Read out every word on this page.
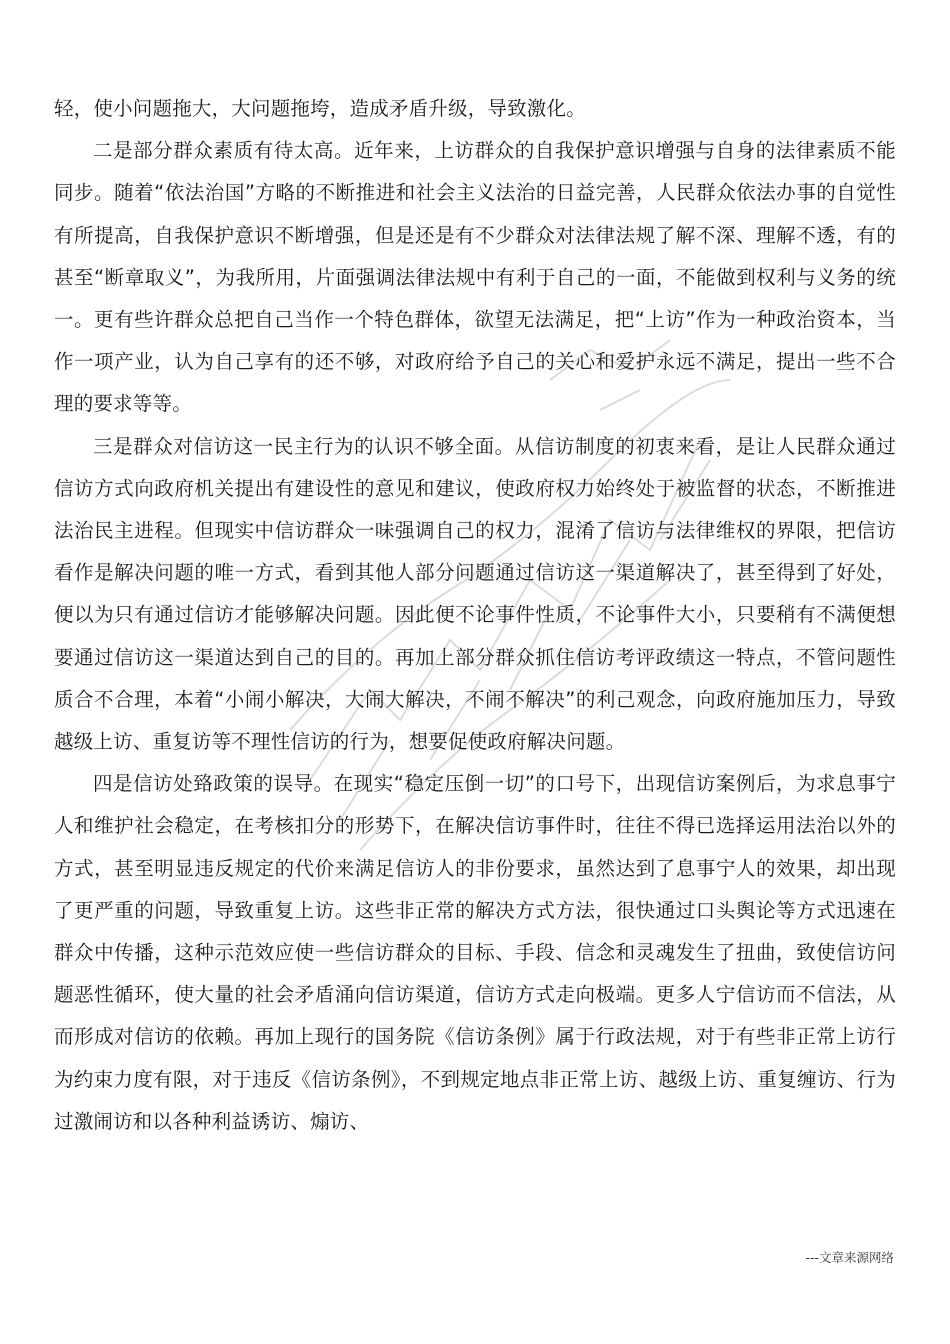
轻，使小问题拖大，大问题拖垮，造成矛盾升级，导致激化。

二是部分群众素质有待太高。近年来，上访群众的自我保护意识增强与自身的法律素质不能同步。随着“依法治国”方略的不断推进和社会主义法治的日益完善，人民群众依法办事的自觉性有所提高，自我保护意识不断增强，但是还是有不少群众对法律法规了解不深、理解不透，有的甚至“断章取义”，为我所用，片面强调法律法规中有利于自己的一面，不能做到权利与义务的统一。更有些许群众总把自己当作一个特色群体，欲望无法满足，把“上访”作为一种政治资本，当作一项产业，认为自己享有的还不够，对政府给予自己的关心和爱护永远不满足，提出一些不合理的要求等等。

三是群众对信访这一民主行为的认识不够全面。从信访制度的初衷来看，是让人民群众通过信访方式向政府机关提出有建设性的意见和建议，使政府权力始终处于被监督的状态，不断推进法治民主进程。但现实中信访群众一味强调自己的权力，混淆了信访与法律维权的界限，把信访看作是解决问题的唯一方式，看到其他人部分问题通过信访这一渠道解决了，甚至得到了好处，便以为只有通过信访才能够解决问题。因此便不论事件性质，不论事件大小，只要稍有不满便想要通过信访这一渠道达到自己的目的。再加上部分群众抓住信访考评政绩这一特点，不管问题性质合不合理，本着“小闹小解决，大闹大解决，不闹不解决”的利己观念，向政府施加压力，导致越级上访、重复访等不理性信访的行为，想要促使政府解决问题。

四是信访处臵政策的误导。在现实“稳定压倒一切”的口号下，出现信访案例后，为求息事宁人和维护社会稳定，在考核扣分的形势下，在解决信访事件时，往往不得已选择运用法治以外的方式，甚至明显违反规定的代价来满足信访人的非份要求，虽然达到了息事宁人的效果，却出现了更严重的问题，导致重复上访。这些非正常的解决方式方法，很快通过口头舆论等方式迅速在群众中传播，这种示范效应使一些信访群众的目标、手段、信念和灵魂发生了扭曲，致使信访问题恶性循环，使大量的社会矛盾涌向信访渠道，信访方式走向极端。更多人宁信访而不信法，从而形成对信访的依赖。再加上现行的国务院《信访条例》属于行政法规，对于有些非正常上访行为约束力度有限，对于违反《信访条例》，不到规定地点非正常上访、越级上访、重复缠访、行为过激闹访和以各种利益诱访、煽访、

---文章来源网络
